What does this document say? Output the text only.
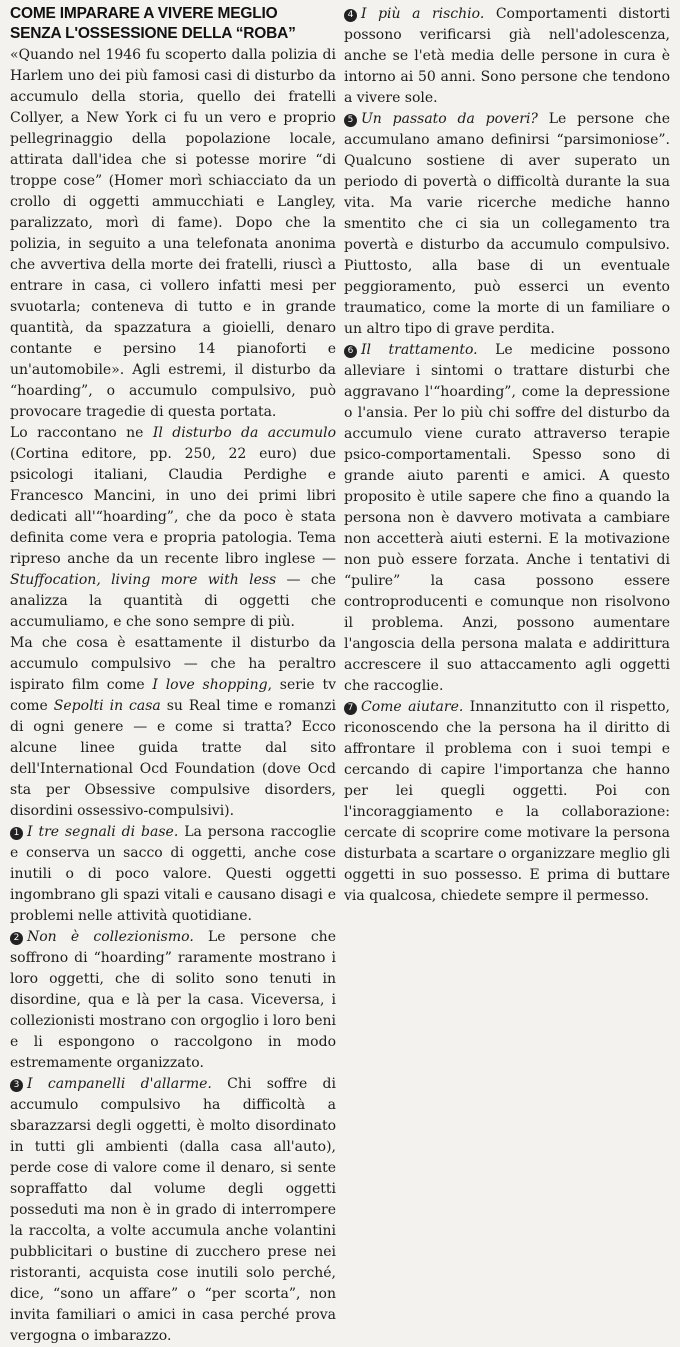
COME IMPARARE A VIVERE MEGLIO
SENZA L'OSSESSIONE DELLA “ROBA”

«Quando nel 1946 fu scoperto dalla polizia di Harlem uno dei più famosi casi di disturbo da accumulo della storia, quello dei fratelli Collyer, a New York ci fu un vero e proprio pellegrinaggio della popolazione locale, attirata dall'idea che si potesse morire “di troppe cose” (Homer morì schiacciato da un crollo di oggetti ammucchiati e Langley, paralizzato, morì di fame). Dopo che la polizia, in seguito a una telefonata anonima che avvertiva della morte dei fratelli, riuscì a entrare in casa, ci vollero infatti mesi per svuotarla; conteneva di tutto e in grande quantità, da spazzatura a gioielli, denaro contante e persino 14 pianoforti e un'automobile». Agli estremi, il disturbo da “hoarding”, o accumulo compulsivo, può provocare tragedie di questa portata.

Lo raccontano ne Il disturbo da accumulo (Cortina editore, pp. 250, 22 euro) due psicologi italiani, Claudia Perdighe e Francesco Mancini, in uno dei primi libri dedicati all'“hoarding”, che da poco è stata definita come vera e propria patologia. Tema ripreso anche da un recente libro inglese — Stuffocation, living more with less — che analizza la quantità di oggetti che accumuliamo, e che sono sempre di più.

Ma che cosa è esattamente il disturbo da accumulo compulsivo — che ha peraltro ispirato film come I love shopping, serie tv come Sepolti in casa su Real time e romanzi di ogni genere — e come si tratta? Ecco alcune linee guida tratte dal sito dell'International Ocd Foundation (dove Ocd sta per Obsessive compulsive disorders, disordini ossessivo-compulsivi).

1 I tre segnali di base. La persona raccoglie e conserva un sacco di oggetti, anche cose inutili o di poco valore. Questi oggetti ingombrano gli spazi vitali e causano disagi e problemi nelle attività quotidiane.

2 Non è collezionismo. Le persone che soffrono di “hoarding” raramente mostrano i loro oggetti, che di solito sono tenuti in disordine, qua e là per la casa. Viceversa, i collezionisti mostrano con orgoglio i loro beni e li espongono o raccolgono in modo estremamente organizzato.

3 I campanelli d'allarme. Chi soffre di accumulo compulsivo ha difficoltà a sbarazzarsi degli oggetti, è molto disordinato in tutti gli ambienti (dalla casa all'auto), perde cose di valore come il denaro, si sente sopraffatto dal volume degli oggetti posseduti ma non è in grado di interrompere la raccolta, a volte accumula anche volantini pubblicitari o bustine di zucchero prese nei ristoranti, acquista cose inutili solo perché, dice, “sono un affare” o “per scorta”, non invita familiari o amici in casa perché prova vergogna o imbarazzo.

4 I più a rischio. Comportamenti distorti possono verificarsi già nell'adolescenza, anche se l'età media delle persone in cura è intorno ai 50 anni. Sono persone che tendono a vivere sole.

5 Un passato da poveri? Le persone che accumulano amano definirsi “parsimoniose”. Qualcuno sostiene di aver superato un periodo di povertà o difficoltà durante la sua vita. Ma varie ricerche mediche hanno smentito che ci sia un collegamento tra povertà e disturbo da accumulo compulsivo. Piuttosto, alla base di un eventuale peggioramento, può esserci un evento traumatico, come la morte di un familiare o un altro tipo di grave perdita.

6 Il trattamento. Le medicine possono alleviare i sintomi o trattare disturbi che aggravano l'“hoarding”, come la depressione o l'ansia. Per lo più chi soffre del disturbo da accumulo viene curato attraverso terapie psico-comportamentali. Spesso sono di grande aiuto parenti e amici. A questo proposito è utile sapere che fino a quando la persona non è davvero motivata a cambiare non accetterà aiuti esterni. E la motivazione non può essere forzata. Anche i tentativi di “pulire” la casa possono essere controproducenti e comunque non risolvono il problema. Anzi, possono aumentare l'angoscia della persona malata e addirittura accrescere il suo attaccamento agli oggetti che raccoglie.

7 Come aiutare. Innanzitutto con il rispetto, riconoscendo che la persona ha il diritto di affrontare il problema con i suoi tempi e cercando di capire l'importanza che hanno per lei quegli oggetti. Poi con l'incoraggiamento e la collaborazione: cercate di scoprire come motivare la persona disturbata a scartare o organizzare meglio gli oggetti in suo possesso. E prima di buttare via qualcosa, chiedete sempre il permesso.
